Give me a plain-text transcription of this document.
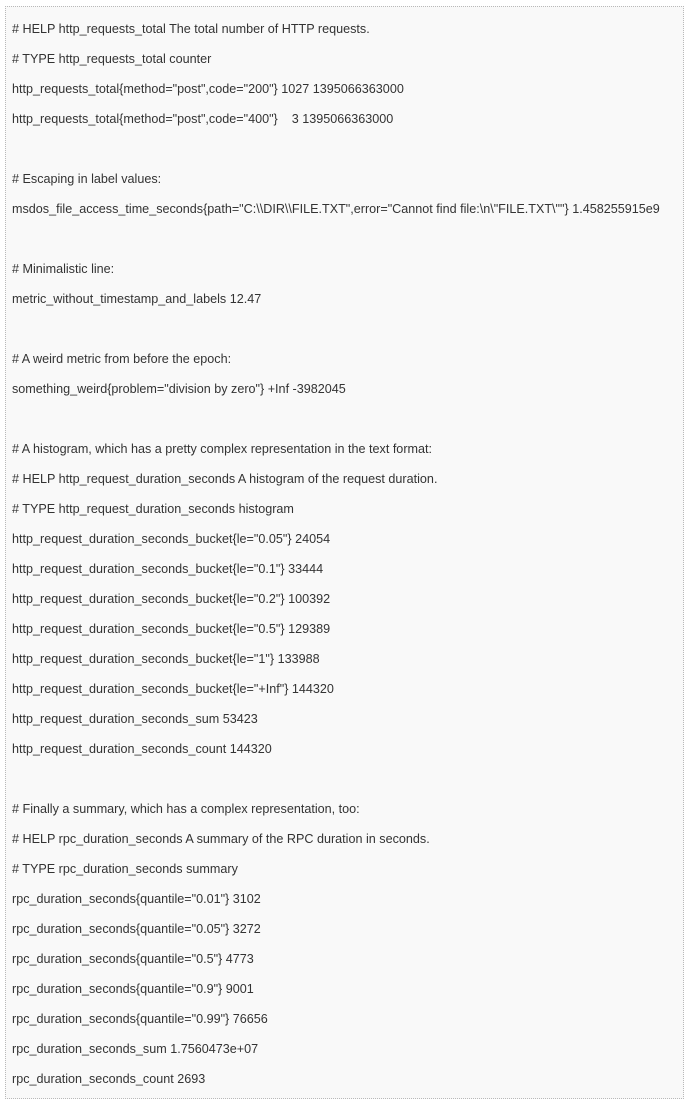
# HELP http_requests_total The total number of HTTP requests.
# TYPE http_requests_total counter
http_requests_total{method="post",code="200"} 1027 1395066363000
http_requests_total{method="post",code="400"}    3 1395066363000
# Escaping in label values:
msdos_file_access_time_seconds{path="C:\\DIR\\FILE.TXT",error="Cannot find file:\n\"FILE.TXT\""} 1.458255915e9
# Minimalistic line:
metric_without_timestamp_and_labels 12.47
# A weird metric from before the epoch:
something_weird{problem="division by zero"} +Inf -3982045
# A histogram, which has a pretty complex representation in the text format:
# HELP http_request_duration_seconds A histogram of the request duration.
# TYPE http_request_duration_seconds histogram
http_request_duration_seconds_bucket{le="0.05"} 24054
http_request_duration_seconds_bucket{le="0.1"} 33444
http_request_duration_seconds_bucket{le="0.2"} 100392
http_request_duration_seconds_bucket{le="0.5"} 129389
http_request_duration_seconds_bucket{le="1"} 133988
http_request_duration_seconds_bucket{le="+Inf"} 144320
http_request_duration_seconds_sum 53423
http_request_duration_seconds_count 144320
# Finally a summary, which has a complex representation, too:
# HELP rpc_duration_seconds A summary of the RPC duration in seconds.
# TYPE rpc_duration_seconds summary
rpc_duration_seconds{quantile="0.01"} 3102
rpc_duration_seconds{quantile="0.05"} 3272
rpc_duration_seconds{quantile="0.5"} 4773
rpc_duration_seconds{quantile="0.9"} 9001
rpc_duration_seconds{quantile="0.99"} 76656
rpc_duration_seconds_sum 1.7560473e+07
rpc_duration_seconds_count 2693
